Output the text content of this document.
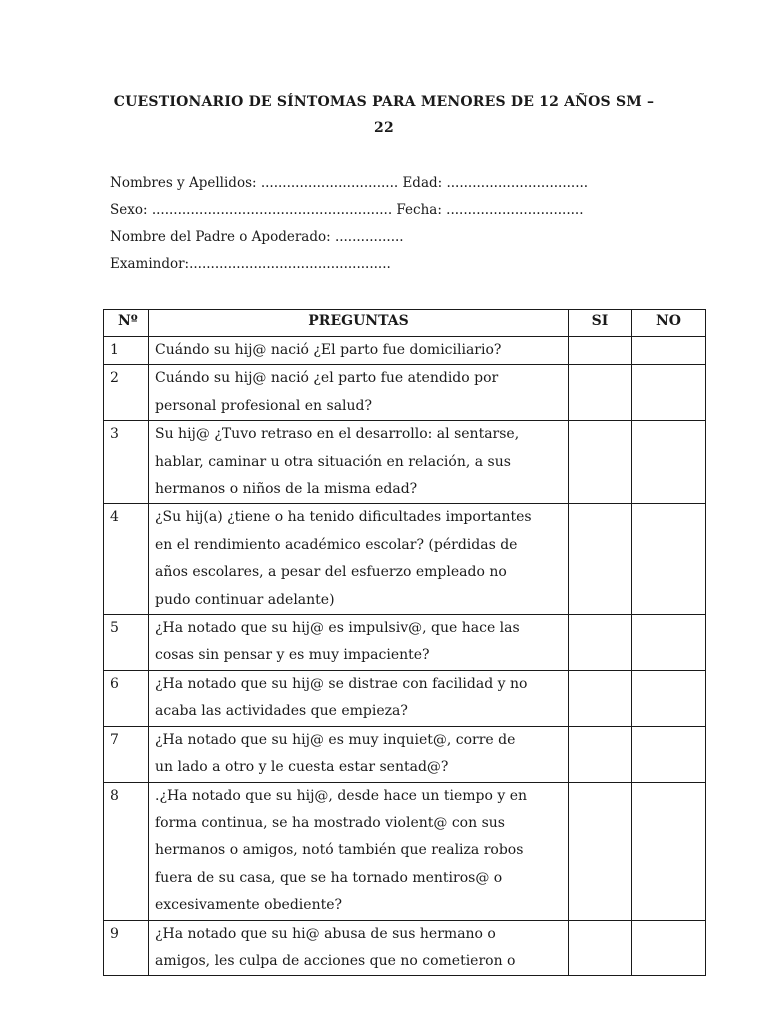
CUESTIONARIO DE SÍNTOMAS PARA MENORES DE 12 AÑOS SM –
22
Nombres y Apellidos: ................................ Edad: .................................
Sexo: ........................................................ Fecha: ................................
Nombre del Padre o Apoderado: ................
Examindor:...............................................
Nº	PREGUNTAS	SI	NO
1	Cuándo su hij@ nació ¿El parto fue domiciliario?		

2	Cuándo su hij@ nació ¿el parto fue atendido por
personal profesional en salud?		

3	Su hij@ ¿Tuvo retraso en el desarrollo: al sentarse,
hablar, caminar u otra situación en relación, a sus
hermanos o niños de la misma edad?		

4	¿Su hij(a) ¿tiene o ha tenido dificultades importantes
en el rendimiento académico escolar? (pérdidas de
años escolares, a pesar del esfuerzo empleado no
pudo continuar adelante)		

5	¿Ha notado que su hij@ es impulsiv@, que hace las
cosas sin pensar y es muy impaciente?		

6	¿Ha notado que su hij@ se distrae con facilidad y no
acaba las actividades que empieza?		

7	¿Ha notado que su hij@ es muy inquiet@, corre de
un lado a otro y le cuesta estar sentad@?		

8	.¿Ha notado que su hij@, desde hace un tiempo y en
forma continua, se ha mostrado violent@ con sus
hermanos o amigos, notó también que realiza robos
fuera de su casa, que se ha tornado mentiros@ o
excesivamente obediente?		

9	¿Ha notado que su hi@ abusa de sus hermano o
amigos, les culpa de acciones que no cometieron o		
